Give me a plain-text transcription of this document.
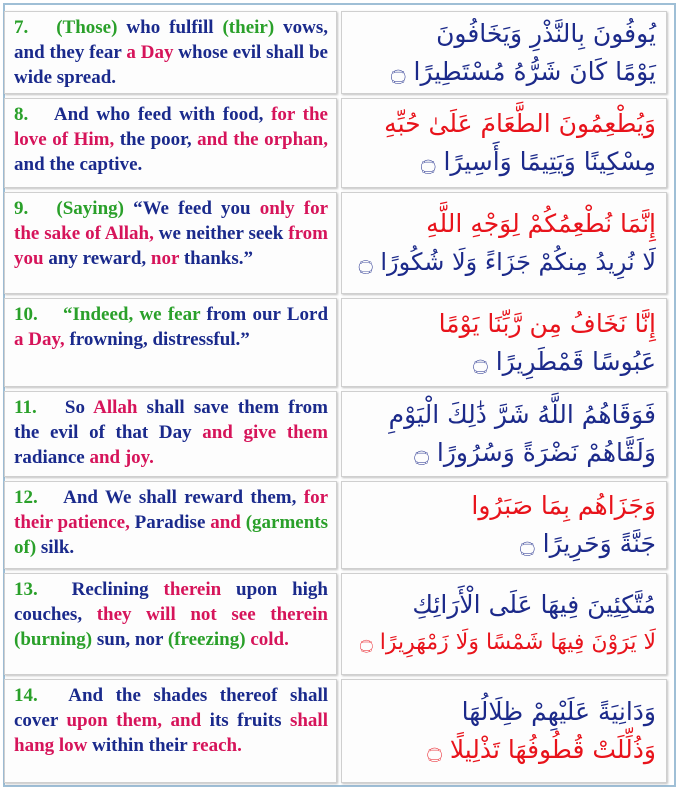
7.  (Those) who fulfill (their) vows, and they fear a Day whose evil shall be wide spread.
يُوفُونَ بِالنَّذْرِ وَيَخَافُونَ
يَوْمًا كَانَ شَرُّهُ مُسْتَطِيرًا ۝
8.  And who feed with food, for the love of Him, the poor, and the orphan, and the captive.
وَيُطْعِمُونَ الطَّعَامَ عَلَىٰ حُبِّهِ
مِسْكِينًا وَيَتِيمًا وَأَسِيرًا ۝
9.  (Saying) “We feed you only for the sake of Allah, we neither seek from you any reward, nor thanks.”
إِنَّمَا نُطْعِمُكُمْ لِوَجْهِ اللَّهِ
لَا نُرِيدُ مِنكُمْ جَزَاءً وَلَا شُكُورًا ۝
10.  “Indeed, we fear from our Lord a Day, frowning, distressful.”
إِنَّا نَخَافُ مِن رَّبِّنَا يَوْمًا
عَبُوسًا قَمْطَرِيرًا ۝
11.  So Allah shall save them from the evil of that Day and give them radiance and joy.
فَوَقَاهُمُ اللَّهُ شَرَّ ذَٰلِكَ الْيَوْمِ
وَلَقَّاهُمْ نَضْرَةً وَسُرُورًا ۝
12.  And We shall reward them, for their patience, Paradise and (garments of) silk.
وَجَزَاهُم بِمَا صَبَرُوا
جَنَّةً وَحَرِيرًا ۝
13.  Reclining therein upon high couches, they will not see therein (burning) sun, nor (freezing) cold.
مُتَّكِئِينَ فِيهَا عَلَى الْأَرَائِكِ
لَا يَرَوْنَ فِيهَا شَمْسًا وَلَا زَمْهَرِيرًا ۝
14.  And the shades thereof shall cover upon them, and its fruits shall hang low within their reach.
وَدَانِيَةً عَلَيْهِمْ ظِلَالُهَا
وَذُلِّلَتْ قُطُوفُهَا تَذْلِيلًا ۝
